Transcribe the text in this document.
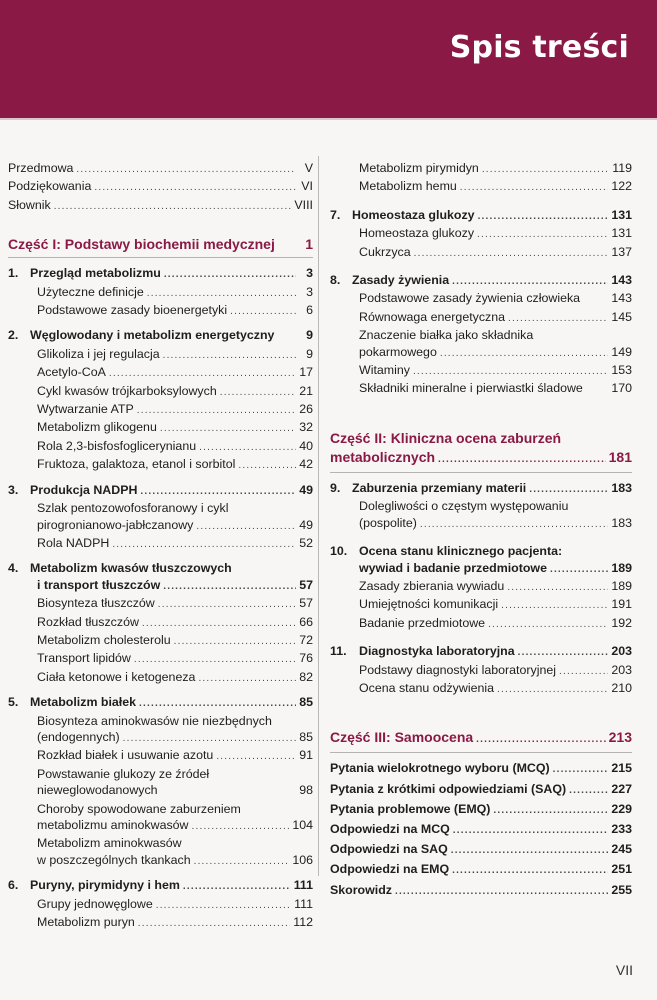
Spis treści
Przedmowa .....	V
Podziękowania .....	VI
Słownik .....	VIII
Część I: Podstawy biochemii medycznej	1
1. Przegląd metabolizmu .....	3
Użyteczne definicje .....	3
Podstawowe zasady bioenergetyki .....	6
2. Węglowodany i metabolizm energetyczny	9
Glikoliza i jej regulacja .....	9
Acetylo-CoA .....	17
Cykl kwasów trójkarboksylowych .....	21
Wytwarzanie ATP .....	26
Metabolizm glikogenu .....	32
Rola 2,3-bisfosfoglicerynianu .....	40
Fruktoza, galaktoza, etanol i sorbitol .....	42
3. Produkcja NADPH .....	49
Szlak pentozowofosforanowy i cykl
pirogronianowo-jabłczanowy .....	49
Rola NADPH .....	52
4. Metabolizm kwasów tłuszczowych
i transport tłuszczów .....	57
Biosynteza tłuszczów .....	57
Rozkład tłuszczów .....	66
Metabolizm cholesterolu .....	72
Transport lipidów .....	76
Ciała ketonowe i ketogeneza .....	82
5. Metabolizm białek .....	85
Biosynteza aminokwasów nie niezbędnych
(endogennych) .....	85
Rozkład białek i usuwanie azotu .....	91
Powstawanie glukozy ze źródeł
nieweglowodanowych	98
Choroby spowodowane zaburzeniem
metabolizmu aminokwasów .....	104
Metabolizm aminokwasów
w poszczególnych tkankach .....	106
6. Puryny, pirymidyny i hem .....	111
Grupy jednowęglowe .....	111
Metabolizm puryn .....	112
Metabolizm pirymidyn .....	119
Metabolizm hemu .....	122
7. Homeostaza glukozy .....	131
Homeostaza glukozy .....	131
Cukrzyca .....	137
8. Zasady żywienia .....	143
Podstawowe zasady żywienia człowieka	143
Równowaga energetyczna .....	145
Znaczenie białka jako składnika
pokarmowego .....	149
Witaminy .....	153
Składniki mineralne i pierwiastki śladowe 170
Część II: Kliniczna ocena zaburzeń
metabolicznych .....	181
9. Zaburzenia przemiany materii .....	183
Dolegliwości o częstym występowaniu
(pospolite) .....	183
10. Ocena stanu klinicznego pacjenta:
wywiad i badanie przedmiotowe .....	189
Zasady zbierania wywiadu .....	189
Umiejętności komunikacji .....	191
Badanie przedmiotowe .....	192
11. Diagnostyka laboratoryjna .....	203
Podstawy diagnostyki laboratoryjnej .....	203
Ocena stanu odżywienia .....	210
Część III: Samoocena .....	213
Pytania wielokrotnego wyboru (MCQ) .....	215
Pytania z krótkimi odpowiedziami (SAQ) .....	227
Pytania problemowe (EMQ) .....	229
Odpowiedzi na MCQ .....	233
Odpowiedzi na SAQ .....	245
Odpowiedzi na EMQ .....	251
Skorowidz .....	255
VII
